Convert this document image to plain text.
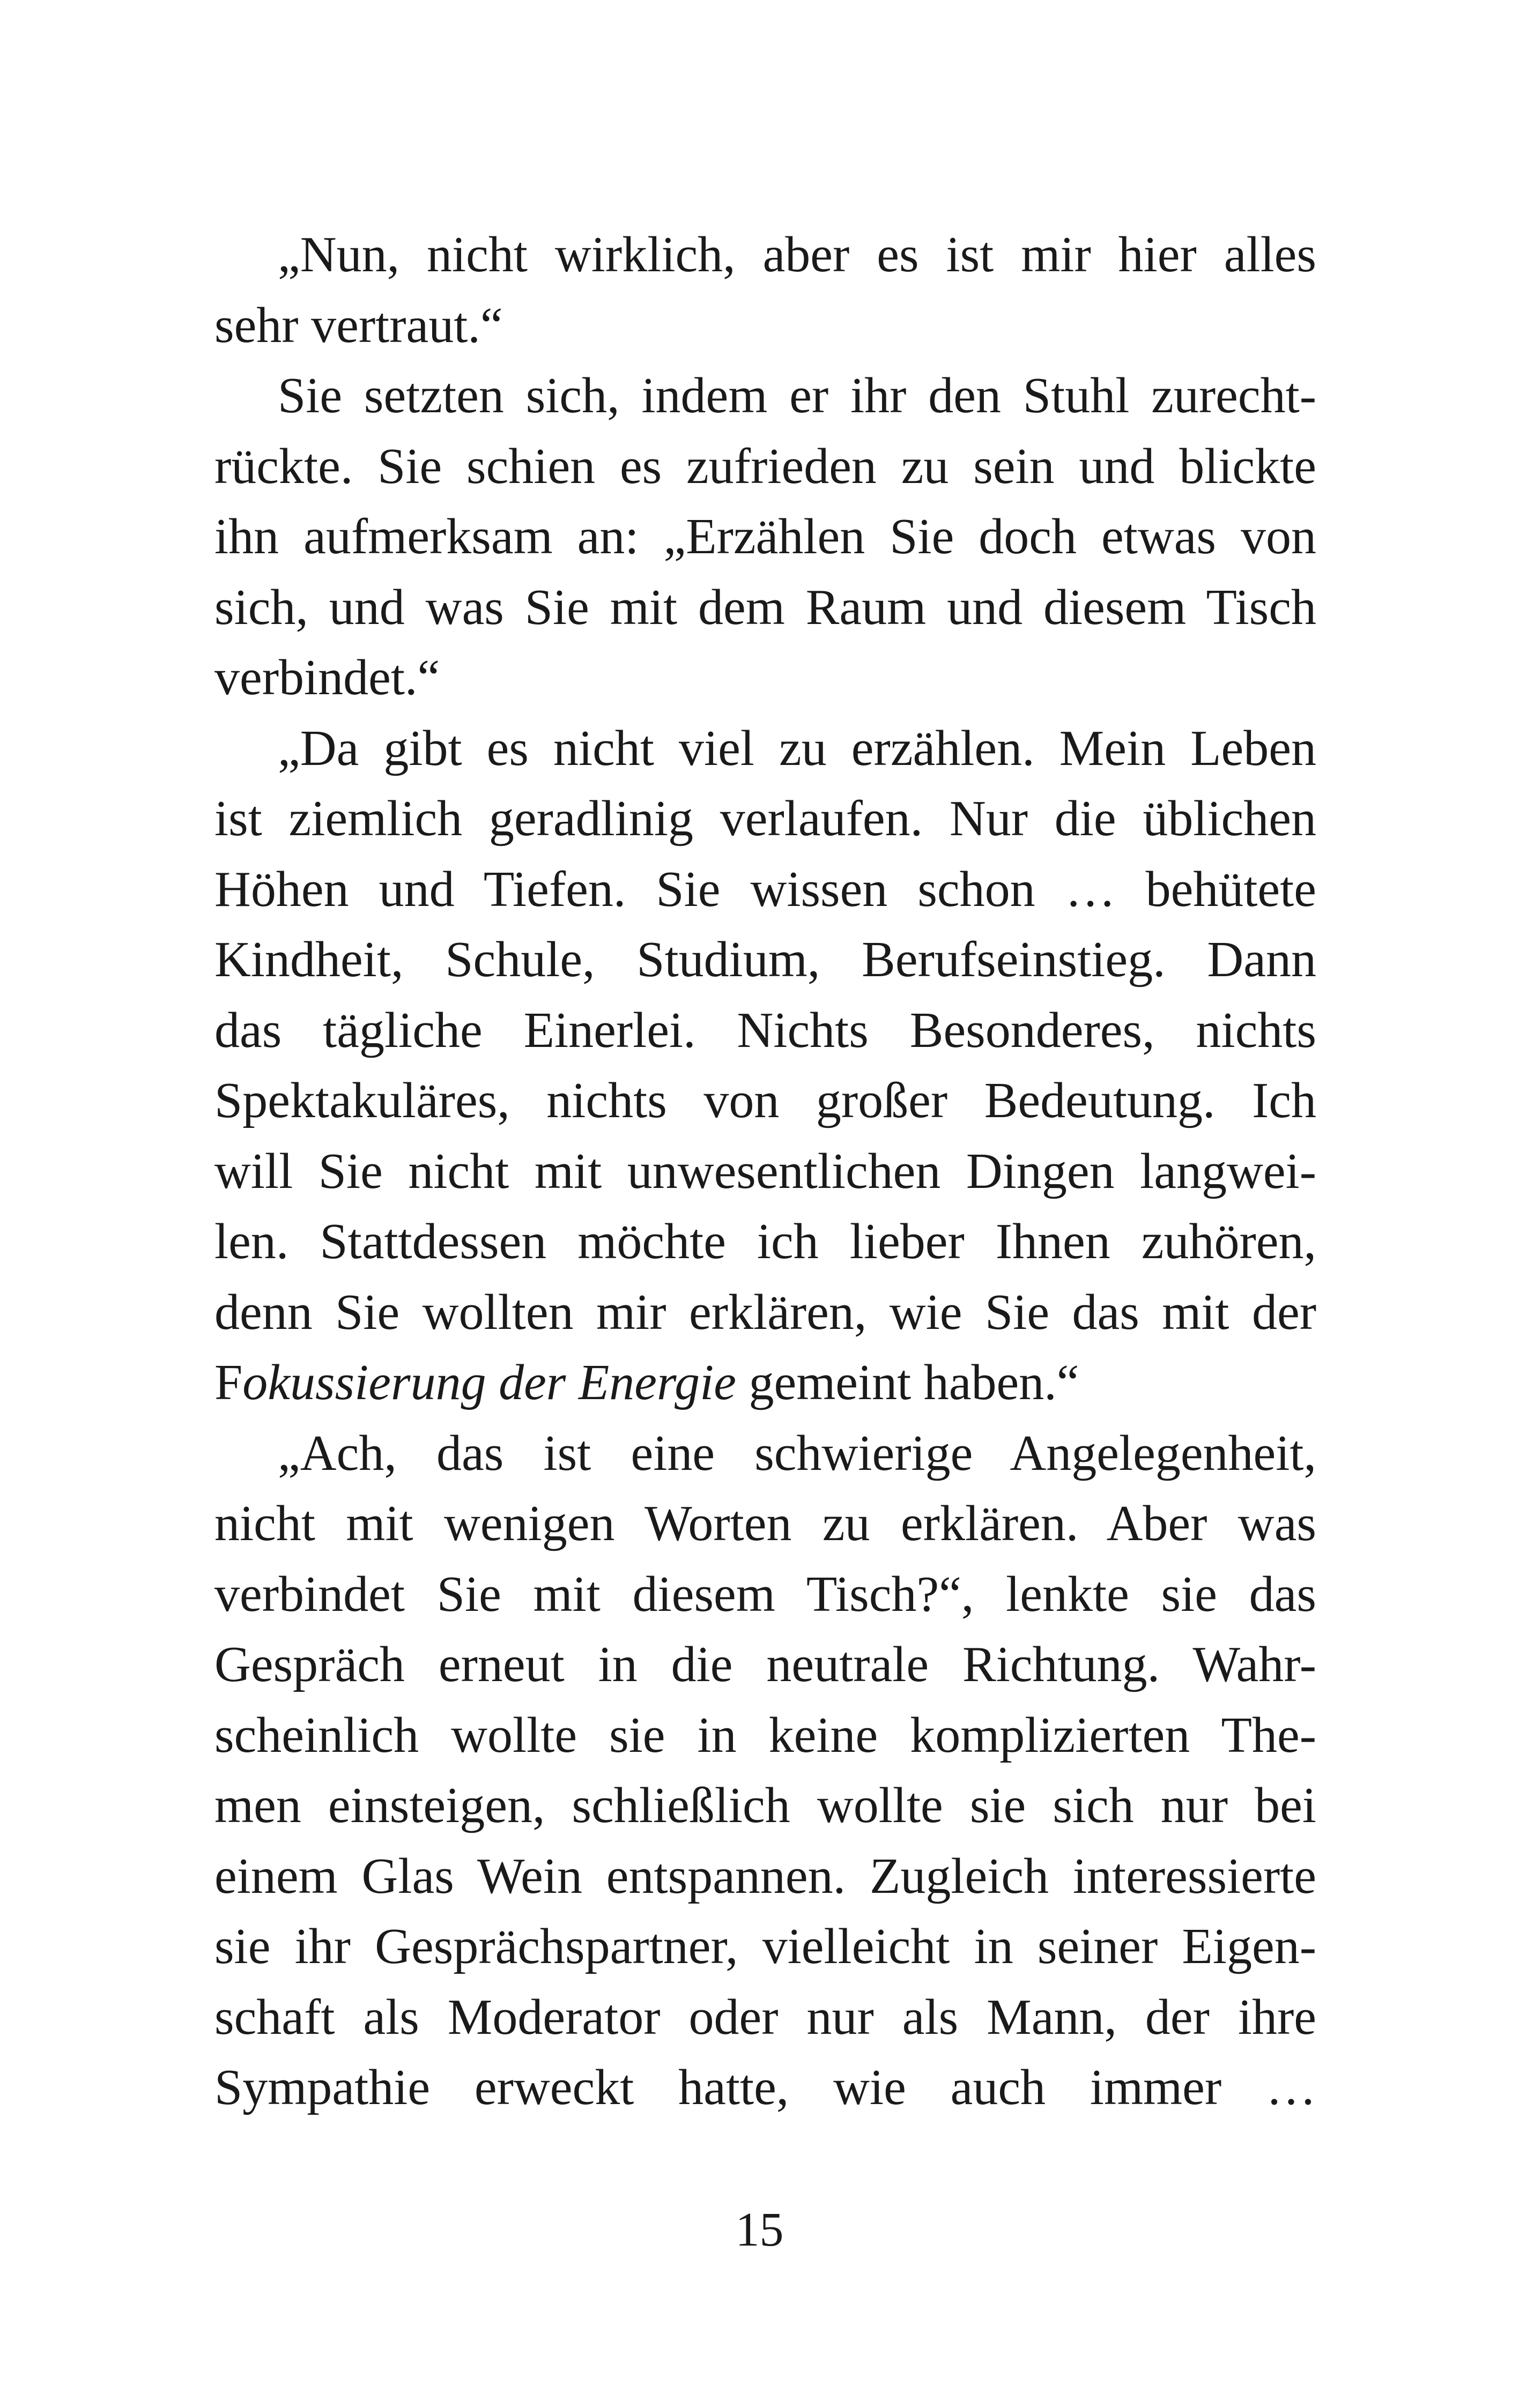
„Nun, nicht wirklich, aber es ist mir hier alles
sehr vertraut.“
Sie setzten sich, indem er ihr den Stuhl zurecht-
rückte. Sie schien es zufrieden zu sein und blickte
ihn aufmerksam an: „Erzählen Sie doch etwas von
sich, und was Sie mit dem Raum und diesem Tisch
verbindet.“
„Da gibt es nicht viel zu erzählen. Mein Leben
ist ziemlich geradlinig verlaufen. Nur die üblichen
Höhen und Tiefen. Sie wissen schon … behütete
Kindheit, Schule, Studium, Berufseinstieg. Dann
das tägliche Einerlei. Nichts Besonderes, nichts
Spektakuläres, nichts von großer Bedeutung. Ich
will Sie nicht mit unwesentlichen Dingen langwei-
len. Stattdessen möchte ich lieber Ihnen zuhören,
denn Sie wollten mir erklären, wie Sie das mit der
Fokussierung der Energie gemeint haben.“
„Ach, das ist eine schwierige Angelegenheit,
nicht mit wenigen Worten zu erklären. Aber was
verbindet Sie mit diesem Tisch?“, lenkte sie das
Gespräch erneut in die neutrale Richtung. Wahr-
scheinlich wollte sie in keine komplizierten The-
men einsteigen, schließlich wollte sie sich nur bei
einem Glas Wein entspannen. Zugleich interessierte
sie ihr Gesprächspartner, vielleicht in seiner Eigen-
schaft als Moderator oder nur als Mann, der ihre
Sympathie erweckt hatte, wie auch immer …
15
